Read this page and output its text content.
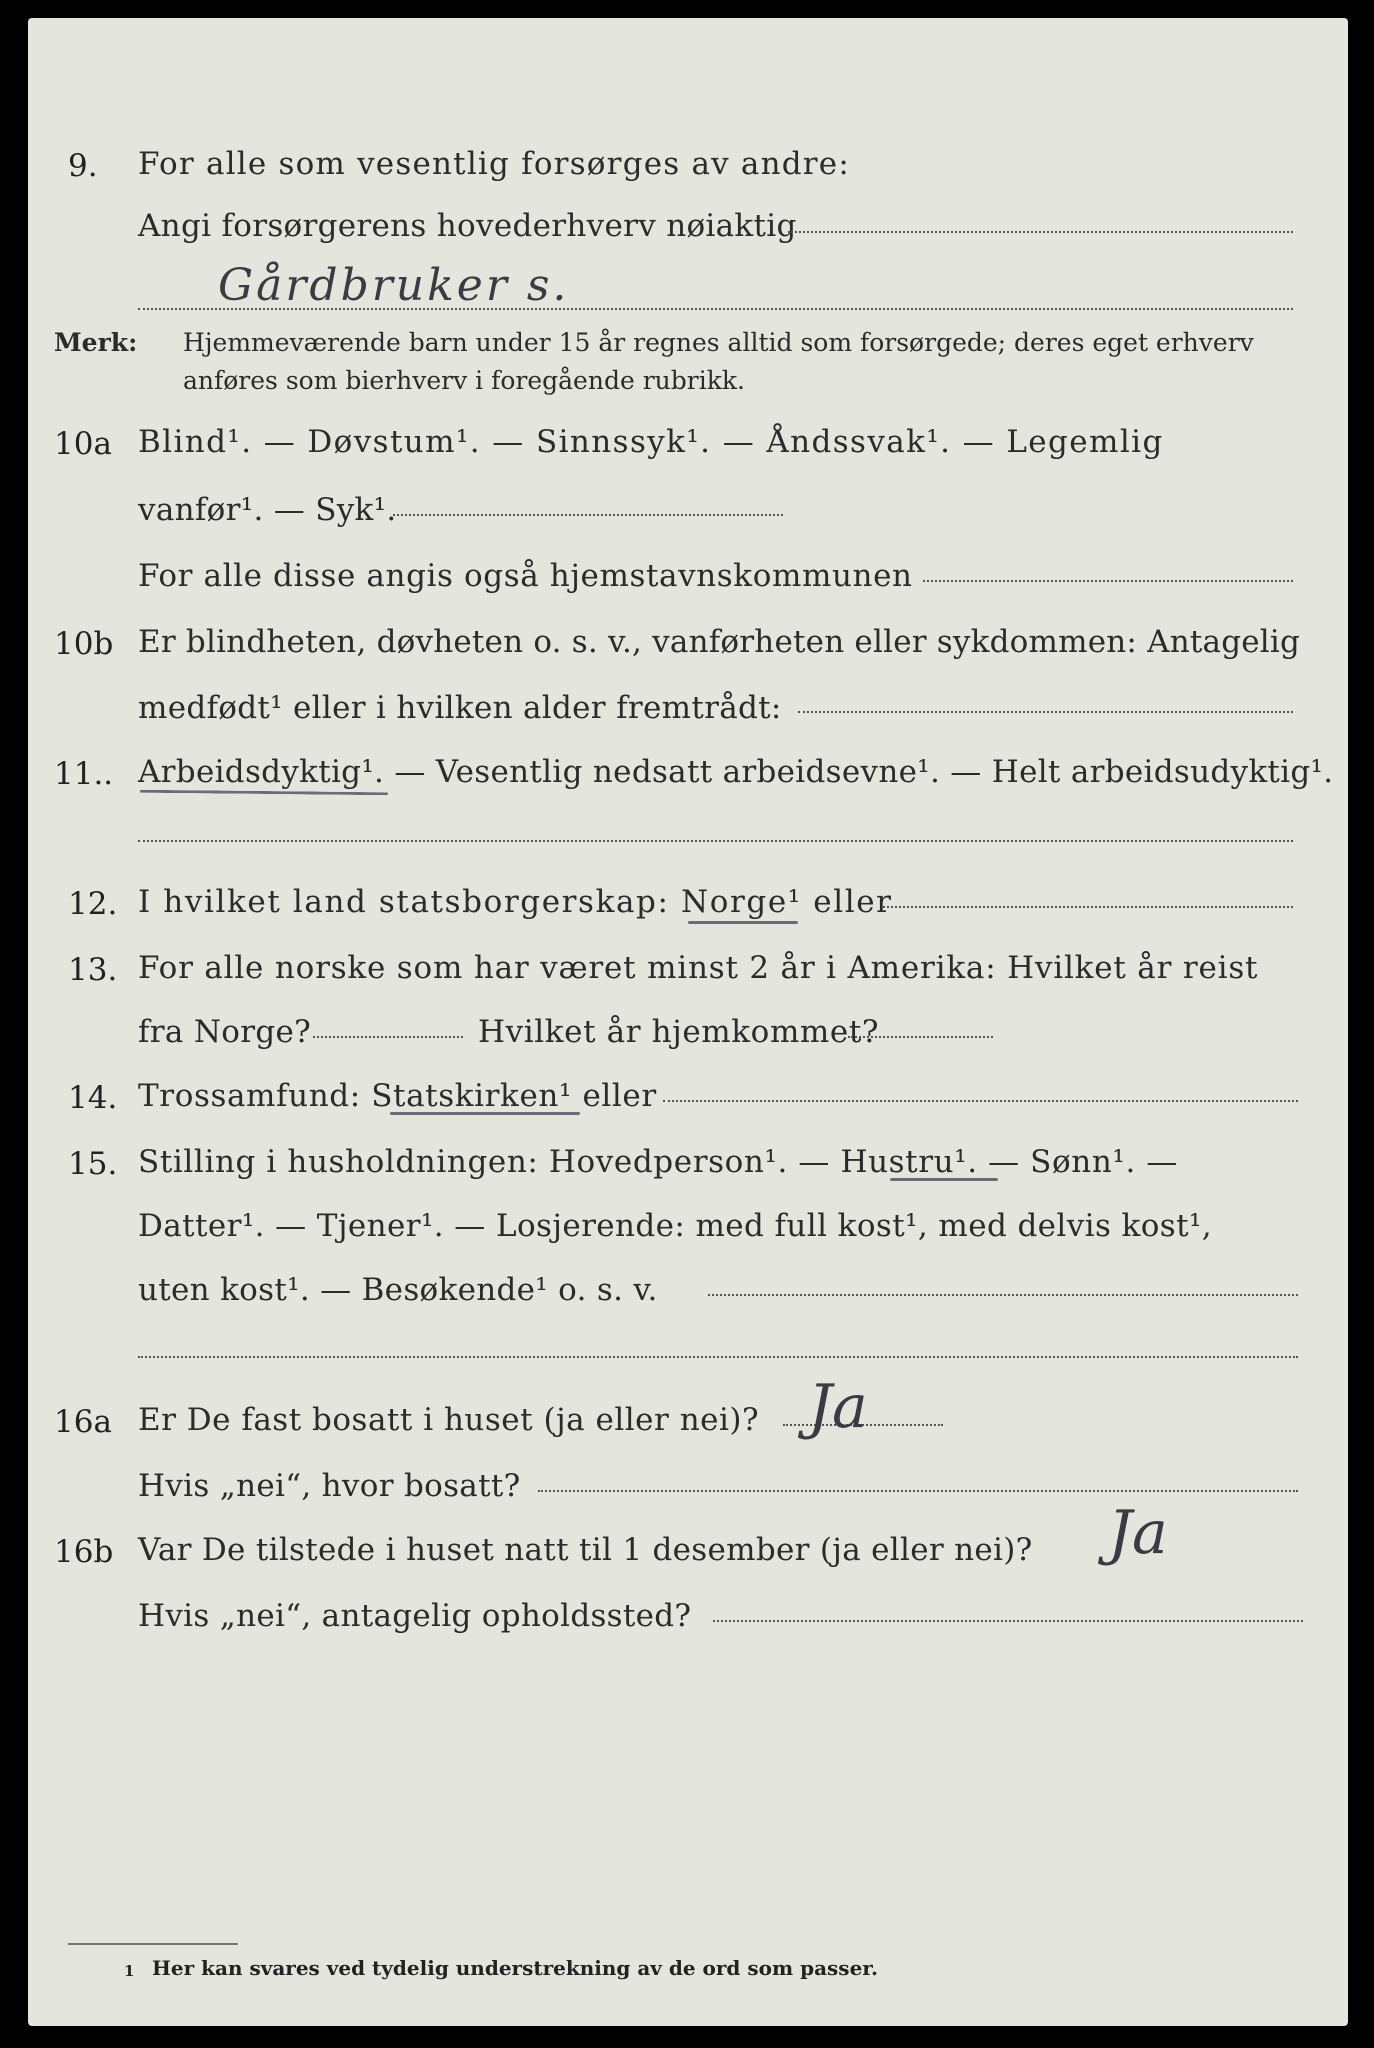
9. For alle som vesentlig forsørges av andre:
Angi forsørgerens hovederhverv nøiaktig
Gårdbruker s.
Merk: Hjemmeværende barn under 15 år regnes alltid som forsørgede; deres eget erhverv
anføres som bierhverv i foregående rubrikk.
10a Blind¹. — Døvstum¹. — Sinnssyk¹. — Åndssvak¹. — Legemlig
vanfør¹. — Syk¹.
For alle disse angis også hjemstavnskommunen
10b Er blindheten, døvheten o. s. v., vanførheten eller sykdommen: Antagelig
medfødt¹ eller i hvilken alder fremtrådt:
11.. Arbeidsdyktig¹. — Vesentlig nedsatt arbeidsevne¹. — Helt arbeidsudyktig¹.
12. I hvilket land statsborgerskap: Norge¹ eller
13. For alle norske som har været minst 2 år i Amerika: Hvilket år reist
fra Norge?	Hvilket år hjemkommet?
14. Trossamfund: Statskirken¹ eller
15. Stilling i husholdningen: Hovedperson¹. — Hustru¹. — Sønn¹. —
Datter¹. — Tjener¹. — Losjerende: med full kost¹, med delvis kost¹,
uten kost¹. — Besøkende¹ o. s. v.
16a Er De fast bosatt i huset (ja eller nei)? Ja
Hvis „nei“, hvor bosatt?
16b Var De tilstede i huset natt til 1 desember (ja eller nei)? Ja
Hvis „nei“, antagelig opholdssted?
1 Her kan svares ved tydelig understrekning av de ord som passer.
